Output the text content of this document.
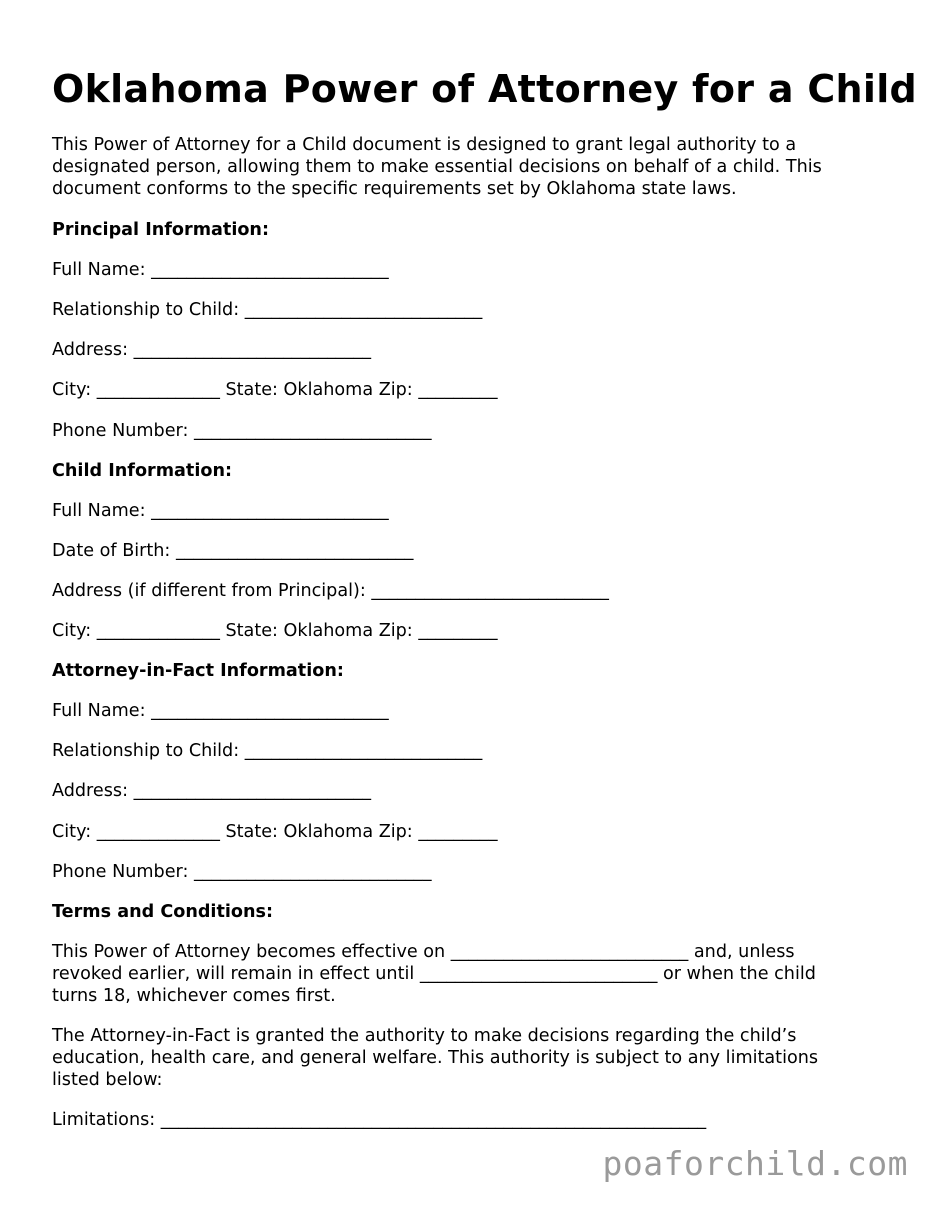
Oklahoma Power of Attorney for a Child

This Power of Attorney for a Child document is designed to grant legal authority to a designated person, allowing them to make essential decisions on behalf of a child. This document conforms to the specific requirements set by Oklahoma state laws.

Principal Information:
Full Name: ___________________________
Relationship to Child: ___________________________
Address: ___________________________
City: ______________ State: Oklahoma Zip: _________
Phone Number: ___________________________
Child Information:
Full Name: ___________________________
Date of Birth: ___________________________
Address (if different from Principal): ___________________________
City: ______________ State: Oklahoma Zip: _________
Attorney-in-Fact Information:
Full Name: ___________________________
Relationship to Child: ___________________________
Address: ___________________________
City: ______________ State: Oklahoma Zip: _________
Phone Number: ___________________________
Terms and Conditions:

This Power of Attorney becomes effective on ___________________________ and, unless revoked earlier, will remain in effect until ___________________________ or when the child turns 18, whichever comes first.

The Attorney-in-Fact is granted the authority to make decisions regarding the child’s education, health care, and general welfare. This authority is subject to any limitations listed below:

Limitations: ______________________________________________________________
poaforchild.com
